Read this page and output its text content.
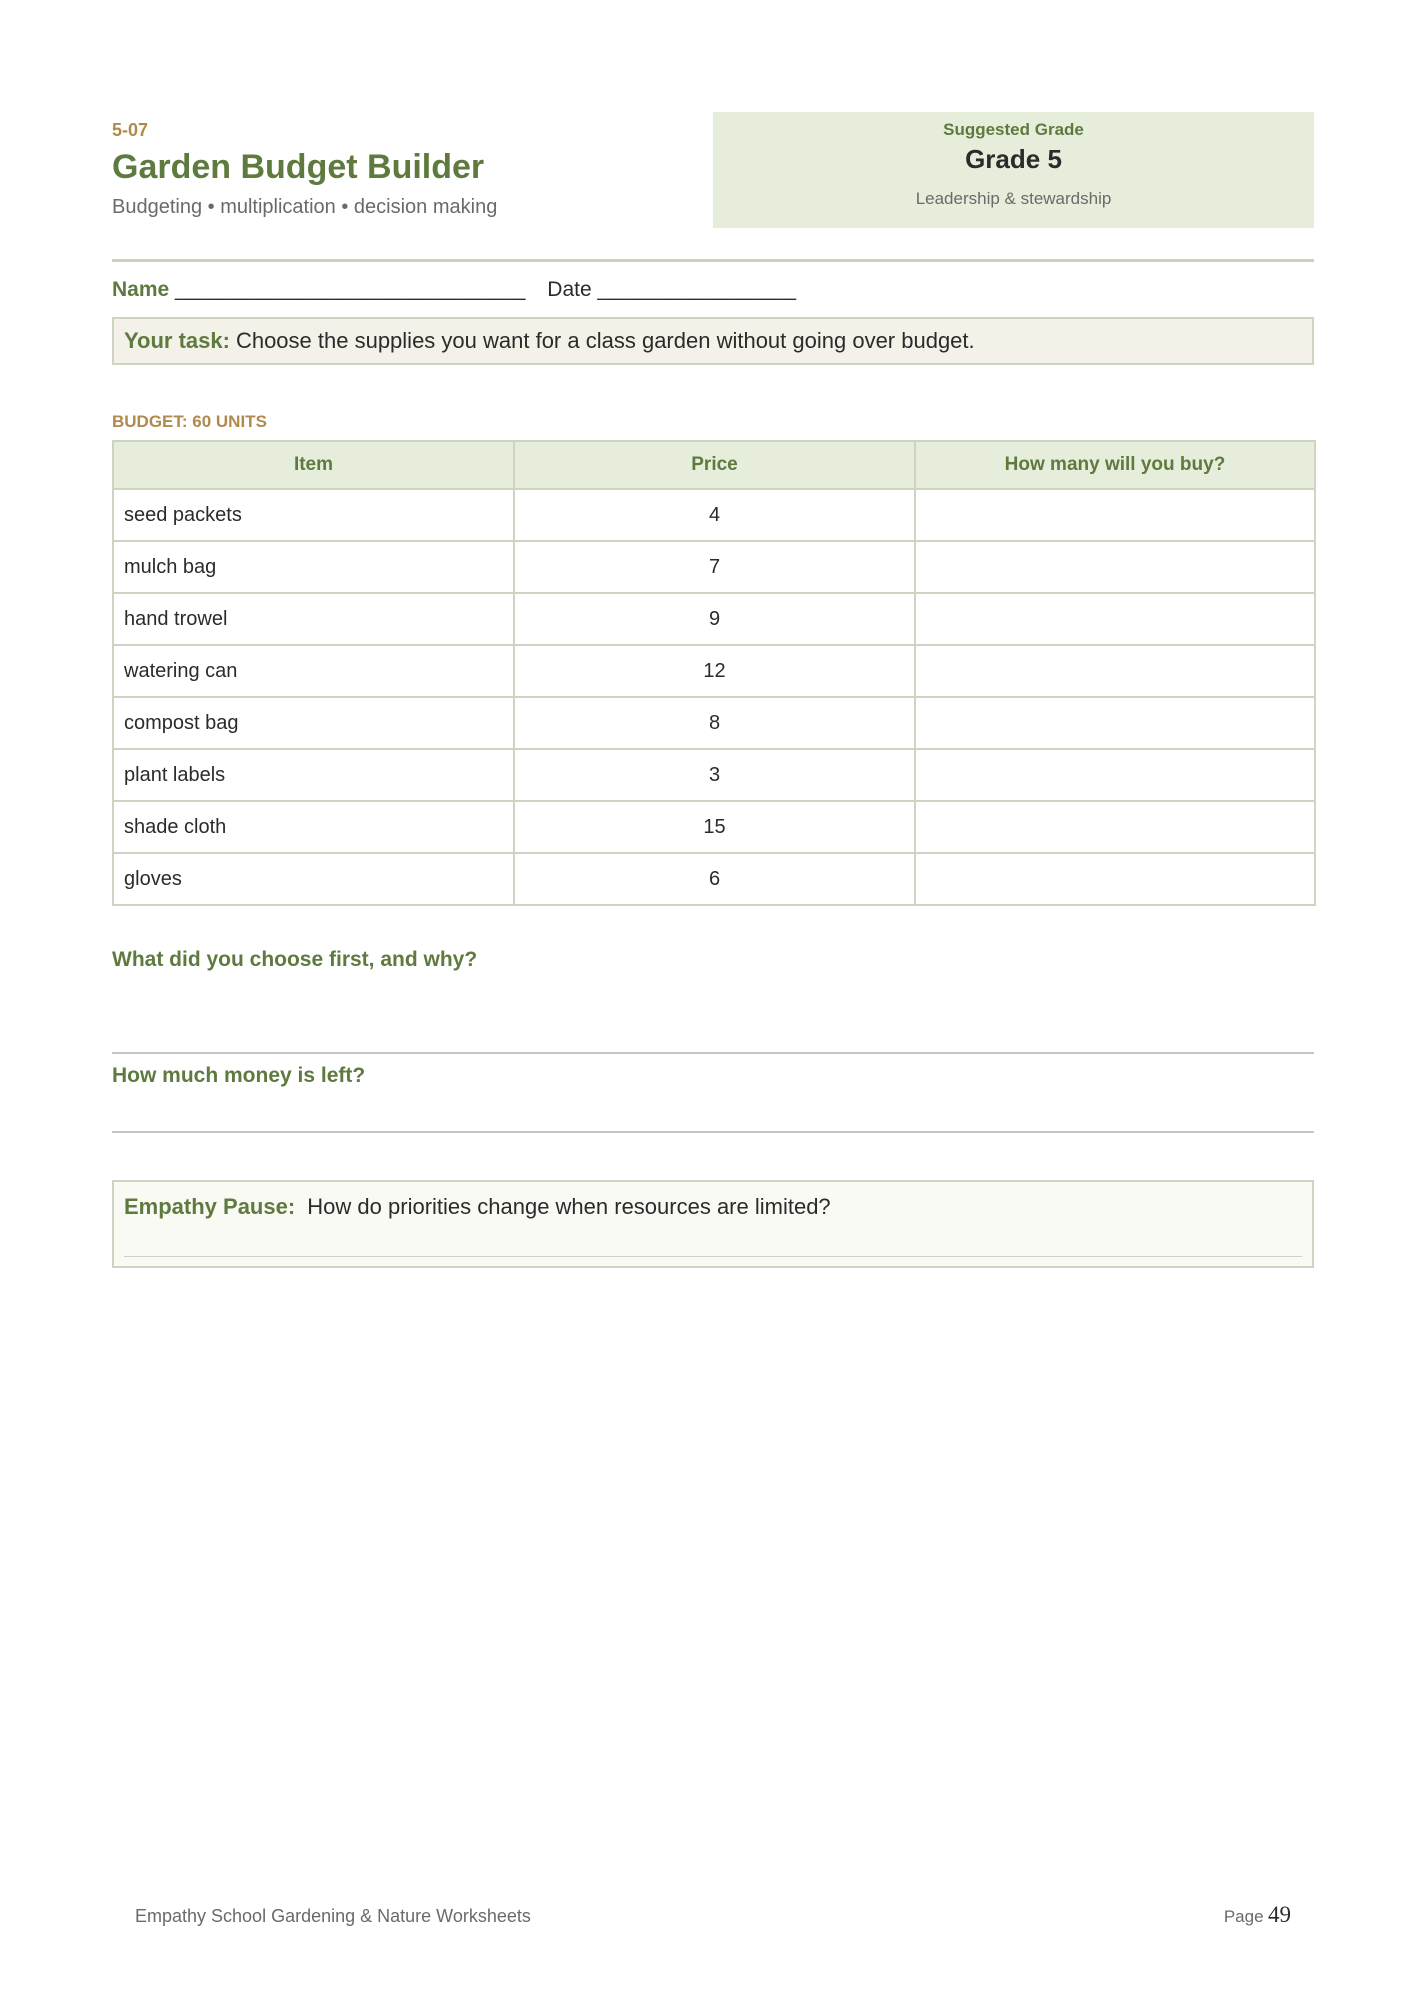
5-07
Garden Budget Builder
Budgeting • multiplication • decision making
Suggested Grade
Grade 5
Leadership & stewardship
Name ______________________________ Date _________________
Your task: Choose the supplies you want for a class garden without going over budget.
BUDGET: 60 UNITS
Item	Price	How many will you buy?
seed packets	4	
mulch bag	7	
hand trowel	9	
watering can	12	
compost bag	8	
plant labels	3	
shade cloth	15	
gloves	6	
What did you choose first, and why?
How much money is left?
Empathy Pause: How do priorities change when resources are limited?
Empathy School Gardening & Nature Worksheets	Page 49
